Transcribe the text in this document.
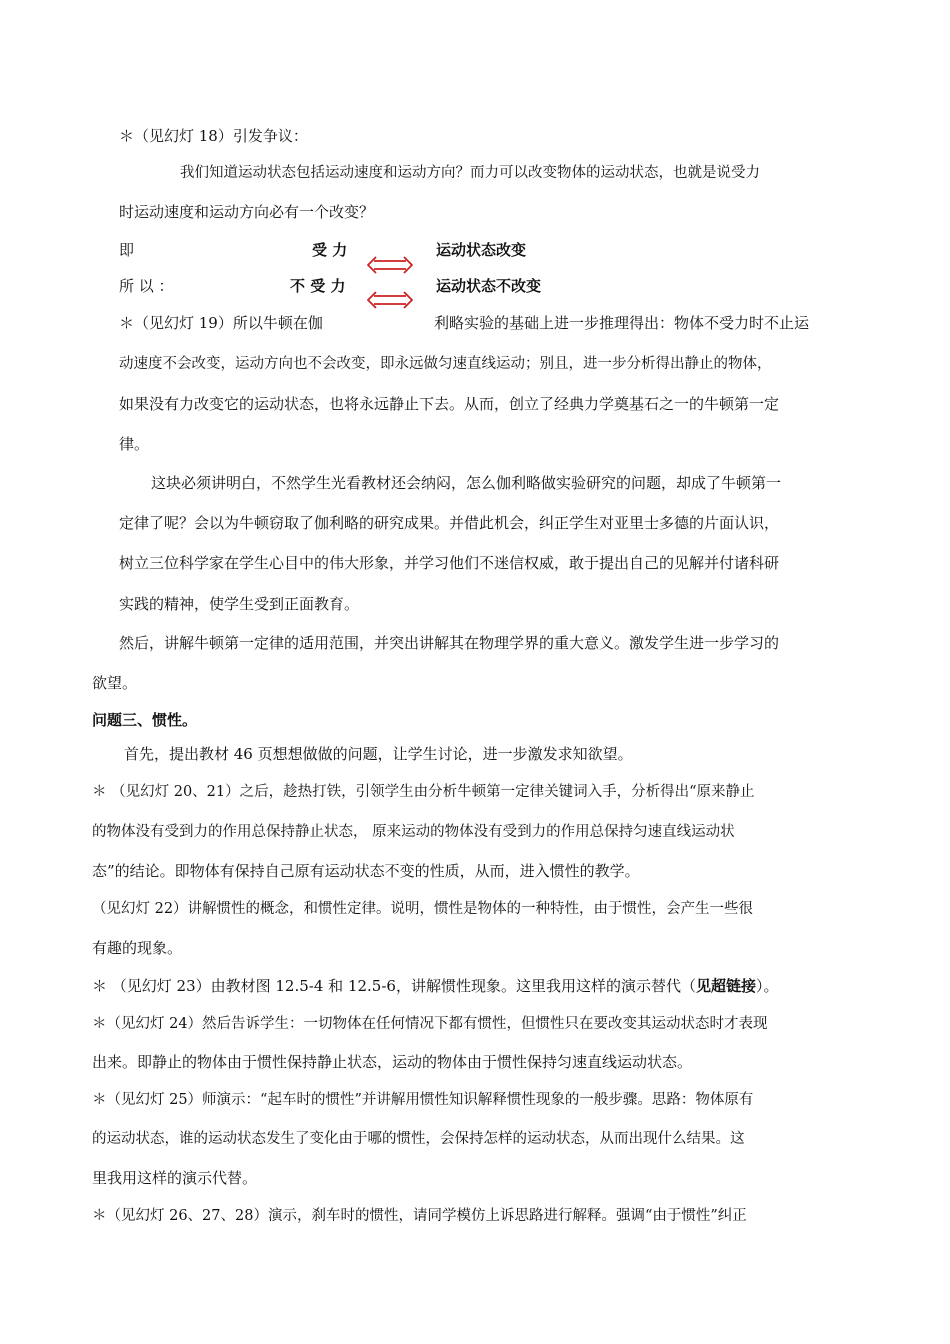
＊（见幻灯 18）引发争议：
我们知道运动状态包括运动速度和运动方向？而力可以改变物体的运动状态，也就是说受力
时运动速度和运动方向必有一个改变？
即	受 力	运动状态改变
所 以 ：	不 受 力	运动状态不改变
＊（见幻灯 19）所以牛顿在伽	利略实验的基础上进一步推理得出：物体不受力时不止运
动速度不会改变，运动方向也不会改变，即永远做匀速直线运动；别且，进一步分析得出静止的物体，
如果没有力改变它的运动状态，也将永远静止下去。从而，创立了经典力学奠基石之一的牛顿第一定
律。
这块必须讲明白，不然学生光看教材还会纳闷，怎么伽利略做实验研究的问题，却成了牛顿第一
定律了呢？会以为牛顿窃取了伽利略的研究成果。并借此机会，纠正学生对亚里士多德的片面认识，
树立三位科学家在学生心目中的伟大形象，并学习他们不迷信权威，敢于提出自己的见解并付诸科研
实践的精神，使学生受到正面教育。
然后，讲解牛顿第一定律的适用范围，并突出讲解其在物理学界的重大意义。激发学生进一步学习的
欲望。
问题三、惯性。
首先，提出教材 46 页想想做做的问题，让学生讨论，进一步激发求知欲望。
＊ （见幻灯 20、21）之后，趁热打铁，引领学生由分析牛顿第一定律关键词入手，分析得出“原来静止
的物体没有受到力的作用总保持静止状态， 原来运动的物体没有受到力的作用总保持匀速直线运动状
态”的结论。即物体有保持自己原有运动状态不变的性质，从而，进入惯性的教学。
（见幻灯 22）讲解惯性的概念，和惯性定律。说明，惯性是物体的一种特性，由于惯性，会产生一些很
有趣的现象。
＊ （见幻灯 23）由教材图 12.5-4 和 12.5-6，讲解惯性现象。这里我用这样的演示替代（见超链接）。
＊（见幻灯 24）然后告诉学生：一切物体在任何情况下都有惯性，但惯性只在要改变其运动状态时才表现
出来。即静止的物体由于惯性保持静止状态，运动的物体由于惯性保持匀速直线运动状态。
＊（见幻灯 25）师演示：“起车时的惯性”并讲解用惯性知识解释惯性现象的一般步骤。思路：物体原有
的运动状态，谁的运动状态发生了变化由于哪的惯性，会保持怎样的运动状态，从而出现什么结果。这
里我用这样的演示代替。
＊（见幻灯 26、27、28）演示，刹车时的惯性，请同学模仿上诉思路进行解释。强调“由于惯性”纠正
